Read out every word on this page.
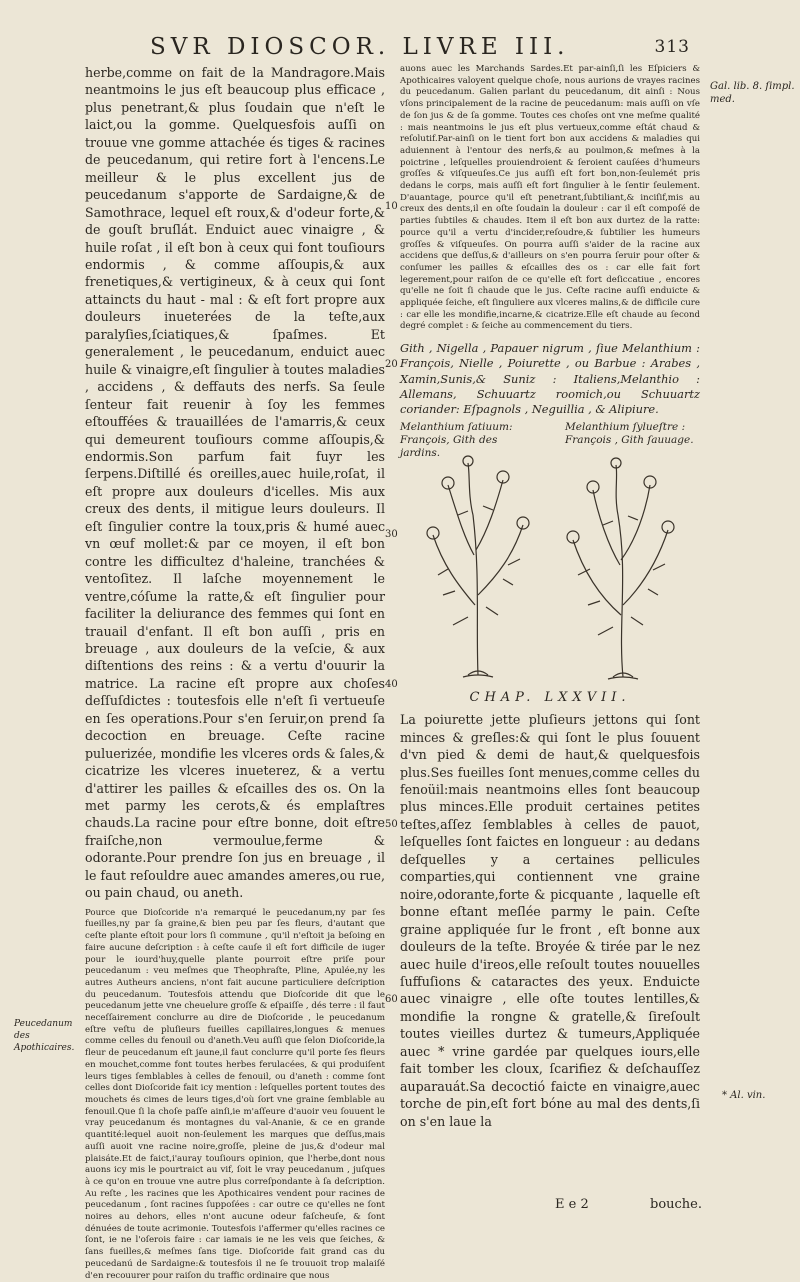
SVR DIOSCOR. LIVRE III.	313

herbe,comme on fait de la Mandragore.Mais neantmoins le jus eſt beaucoup plus efficace , plus penetrant,& plus ſoudain que n'eſt le laict,ou la gomme. Quelquesfois auſſi on trouue vne gomme attachée és tiges & racines de peucedanum, qui retire fort à l'encens.Le meilleur & le plus excellent jus de peucedanum s'apporte de Sardaigne,& de Samothrace, lequel eſt roux,& d'odeur forte,& de gouſt bruſlát. Enduict auec vinaigre , & huile roſat , il eſt bon à ceux qui font touſiours endormis , & comme aſſoupis,& aux frenetiques,& vertigineux, & à ceux qui ſont attaincts du haut - mal : & eſt fort propre aux douleurs inueterées de la teſte,aux paralyſies,ſciatiques,& ſpaſmes. Et generalement , le peucedanum, enduict auec huile & vinaigre,eſt ſingulier à toutes maladies , accidens , & deffauts des nerfs. Sa ſeule ſenteur fait reuenir à ſoy les femmes eſtouffées & trauaillées de l'amarris,& ceux qui demeurent touſiours comme aſſoupis,& endormis.Son parfum fait fuyr les ſerpens.Diſtillé és oreilles,auec huile,roſat, il eſt propre aux douleurs d'icelles. Mis aux creux des dents, il mitigue leurs douleurs. Il eſt ſingulier contre la toux,pris & humé auec vn œuf mollet:& par ce moyen, il eſt bon contre les difficultez d'haleine, tranchées & ventoſitez. Il laſche moyennement le ventre,cóſume la ratte,& eſt ſingulier pour faciliter la deliurance des femmes qui ſont en trauail d'enfant. Il eſt bon auſſi , pris en breuage , aux douleurs de la veſcie, & aux diſtentions des reins : & a vertu d'ouurir la matrice. La racine eſt propre aux choſes deſſuſdictes : toutesfois elle n'eſt ſi vertueuſe en ſes operations.Pour s'en ſeruir,on prend ſa decoction en breuage. Ceſte racine puluerizée, mondifie les vlceres ords & ſales,& cicatrize les vlceres inueterez, & a vertu d'attirer les pailles & eſcailles des os. On la met parmy les cerots,& és emplaſtres chauds.La racine pour eſtre bonne, doit eſtre fraiſche,non vermoulue,ferme & odorante.Pour prendre ſon jus en breuage , il le faut reſouldre auec amandes ameres,ou rue, ou pain chaud, ou aneth.

Pource que Dioſcoride n'a remarqué le peucedanum,ny par ſes fueilles,ny par ſa graine,& bien peu par ſes fleurs, d'autant que ceſte plante eſtoit pour lors ſi commune , qu'il n'eſtoit ja beſoing en faire aucune deſcription : à ceſte cauſe il eſt fort difficile de iuger pour le iourd'huy,quelle plante pourroit eſtre priſe pour peucedanum : veu meſmes que Theophraſte, Pline, Apulée,ny les autres Autheurs anciens, n'ont fait aucune particuliere deſcription du peucedanum. Toutesfois attendu que Dioſcoride dit que le peucedanum jette vne cheuelure groſſe & eſpaiſſe , dés terre : il faut neceſſairement conclurre au dire de Dioſcoride , le peucedanum eſtre veſtu de pluſieurs fueilles capillaires,longues & menues comme celles du fenouil ou d'aneth.Veu auſſi que ſelon Dioſcoride,la fleur de peucedanum eſt jaune,il faut conclurre qu'il porte ſes fleurs en mouchet,comme font toutes herbes ferulacées, & qui produiſent leurs tiges ſemblables à celles de fenouil, ou d'aneth : comme ſont celles dont Dioſcoride fait icy mention : leſquelles portent toutes des mouchets és cimes de leurs tiges,d'où ſort vne graine ſemblable au fenouil.Que ſi la choſe paſſe ainſi,ie m'aſſeure d'auoir veu ſouuent le vray peucedanum és montagnes du val-Ananie, & ce en grande quantité:lequel auoit non-ſeulement les marques que deſſus,mais auſſi auoit vne racine noire,groſſe, pleine de jus,& d'odeur mal plaisáte.Et de faict,i'auray touſiours opinion, que l'herbe,dont nous auons icy mis le pourtraict au vif, ſoit le vray peucedanum , juſques à ce qu'on en trouue vne autre plus correſpondante à ſa deſcription. Au reſte , les racines que les Apothicaires vendent pour racines de peucedanum , ſont racines ſuppoſées : car outre ce qu'elles ne ſont noires au dehors, elles n'ont aucune odeur faſcheuſe, & ſont dénuées de toute acrimonie. Toutesfois i'affermer qu'elles racines ce ſont, ie ne l'oſerois faire : car iamais ie ne les veis que ſeiches, & ſans fueilles,& meſmes ſans tige. Dioſcoride fait grand cas du peucedanú de Sardaigne:& toutesfois il ne ſe trouuoit trop malaiſé d'en recouurer pour raiſon du traffic ordinaire que nous

10
20
30
40
50
60

auons auec les Marchands Sardes.Et par-ainſi,ſi les Eſpiciers & Apothicaires valoyent quelque choſe, nous aurions de vrayes racines du peucedanum. Galien parlant du peucedanum, dit ainſi : Nous vſons principalement de la racine de peucedanum: mais auſſi on vſe de ſon jus & de ſa gomme. Toutes ces choſes ont vne meſme qualité : mais neantmoins le jus eſt plus vertueux,comme eſtát chaud & reſolutif.Par-ainſi on le tient fort bon aux accidens & maladies qui aduiennent à l'entour des nerfs,& au poulmon,& meſmes à la poictrine , leſquelles prouiendroient & ſeroient cauſées d'humeurs groſſes & viſqueuſes.Ce jus auſſi eſt fort bon,non-ſeulemét pris dedans le corps, mais auſſi eſt fort ſingulier à le ſentir ſeulement. D'auantage, pource qu'il eſt penetrant,ſubtiliant,& inciſif,mis au creux des dents,il en oſte ſoudain la douleur : car il eſt compoſé de parties ſubtiles & chaudes. Item il eſt bon aux durtez de la ratte: pource qu'il a vertu d'incider,reſoudre,& ſubtilier les humeurs groſſes & viſqueuſes. On pourra auſſi s'aider de la racine aux accidens que deſſus,& d'ailleurs on s'en pourra ſeruir pour oſter & conſumer les pailles & eſcailles des os : car elle fait fort legerement,pour raiſon de ce qu'elle eſt fort deſiccatiue , encores qu'elle ne ſoit ſi chaude que le jus. Ceſte racine auſſi enduicte & appliquée ſeiche, eſt ſinguliere aux vlceres malins,& de difficile cure : car elle les mondifie,incarne,& cicatrize.Elle eſt chaude au ſecond degré complet : & ſeiche au commencement du tiers.

Gith , Nigella , Papauer nigrum , ſiue Melanthium : François, Nielle , Poiurette , ou Barbue : Arabes , Xamin,Sunis,& Suniz : Italiens,Melanthio : Allemans, Schuuartz roomich,ou Schuuartz coriander: Eſpagnols , Neguillia , & Alipiure.

Melanthium ſatiuum: François, Gith des jardins.
Melanthium ſylueſtre : François , Gith ſauuage.
CHAP. LXXVII.

La poiurette jette pluſieurs jettons qui ſont minces & greſles:& qui ſont le plus ſouuent d'vn pied & demi de haut,& quelquesfois plus.Ses fueilles ſont menues,comme celles du fenoüil:mais neantmoins elles ſont beaucoup plus minces.Elle produit certaines petites teſtes,aſſez ſemblables à celles de pauot, leſquelles ſont faictes en longueur : au dedans deſquelles y a certaines pellicules comparties,qui contiennent vne graine noire,odorante,forte & picquante , laquelle eſt bonne eſtant meſlée parmy le pain. Ceſte graine appliquée ſur le front , eſt bonne aux douleurs de la teſte. Broyée & tirée par le nez auec huile d'ireos,elle reſoult toutes nouuelles ſuffuſions & cataractes des yeux. Enduicte auec vinaigre , elle oſte toutes lentilles,& mondifie la rongne & gratelle,& ſireſoult toutes vieilles durtez & tumeurs,Appliquée auec * vrine gardée par quelques iours,elle fait tomber les cloux, ſcarifiez & deſchauſſez auparauát.Sa decoctió faicte en vinaigre,auec torche de pin,eſt fort bóne au mal des dents,ſi on s'en laue la

Peucedanum des Apothicaires.
Gal. lib. 8. ſimpl. med.
* Al. vin.
E e 2	bouche.
